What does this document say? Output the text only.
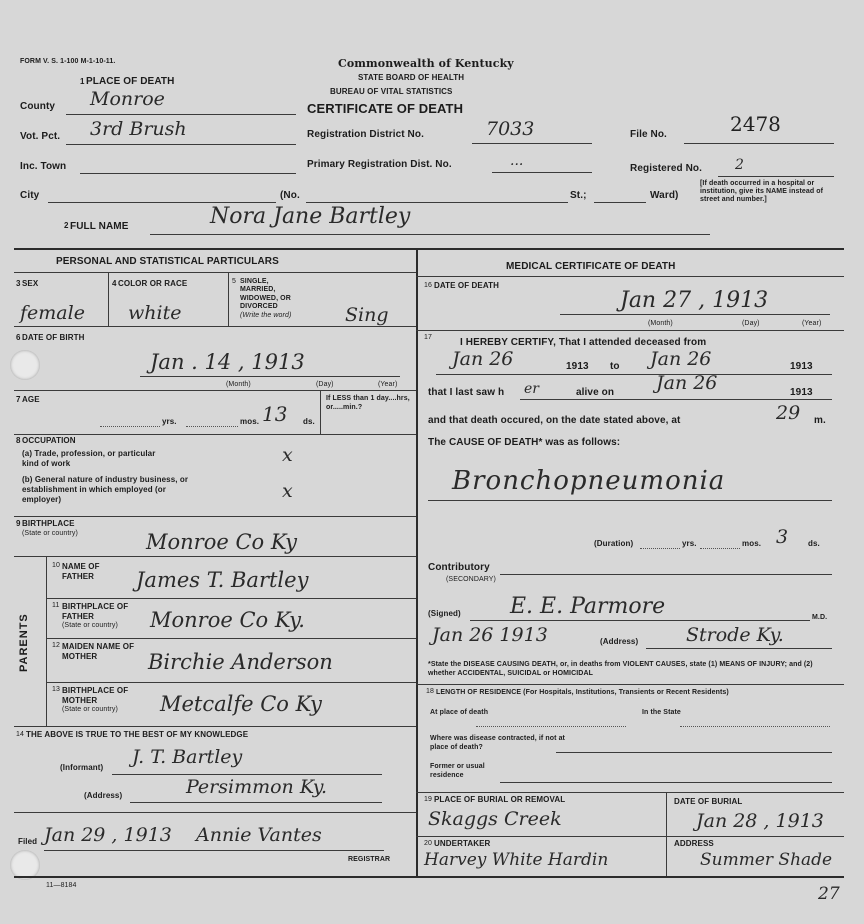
FORM V. S. 1-100 M-1-10-11.	Commonwealth of Kentucky
STATE BOARD OF HEALTH
BUREAU OF VITAL STATISTICS
CERTIFICATE OF DEATH
1 PLACE OF DEATH
County Monroe
Vot. Pct. 3rd Brush
Inc. Town
City	(No.	St.;	Ward)
Registration District No.	7033
Primary Registration Dist. No.	...
File No.	2478
Registered No. 2
[If death occurred in a hospital or institution, give its NAME instead of street and number.]
2 FULL NAME	Nora Jane Bartley
PERSONAL AND STATISTICAL PARTICULARS
3 SEX
female
4 COLOR OR RACE
white
5 SINGLE, MARRIED, WIDOWED, OR DIVORCED
(Write the word)	Sing
6 DATE OF BIRTH
Jan . 14 , 1913
(Month)	(Day)	(Year)
7 AGE
yrs.	mos. 13 ds.
If LESS than 1 day....hrs, or.....min.?
8 OCCUPATION
(a) Trade, profession, or particular kind of work	x
(b) General nature of industry business, or establishment in which employed (or employer)	x
9 BIRTHPLACE
(State or country)	Monroe Co Ky
PARENTS
10 NAME OF FATHER	James T. Bartley
11 BIRTHPLACE OF FATHER
(State or country) Monroe Co Ky.
12 MAIDEN NAME OF MOTHER	Birchie Anderson
13 BIRTHPLACE OF MOTHER
(State or country) Metcalfe Co Ky
14 THE ABOVE IS TRUE TO THE BEST OF MY KNOWLEDGE
(Informant) J. T. Bartley
(Address)	Persimmon Ky.
Filed Jan 29 , 1913 Annie Vantes
REGISTRAR
11—8184
MEDICAL CERTIFICATE OF DEATH
16 DATE OF DEATH
Jan 27 , 1913
(Month)	(Day)	(Year)
17	I HEREBY CERTIFY, That I attended deceased from
Jan 26	1913 to Jan 26	1913
that I last saw h er	alive on Jan 26	1913
and that death occured, on the date stated above, at	29 m.
The CAUSE OF DEATH* was as follows:
Bronchopneumonia
(Duration)	yrs.	mos. 3 ds.
Contributory
(SECONDARY)
(Signed) E. E. Parmore	M.D.
Jan 26 1913	(Address)	Strode Ky.
*State the DISEASE CAUSING DEATH, or, in deaths from VIOLENT CAUSES, state (1) MEANS OF INJURY; and (2) whether ACCIDENTAL, SUICIDAL or HOMICIDAL
18 LENGTH OF RESIDENCE (For Hospitals, Institutions, Transients or Recent Residents)
At place of death	In the State
Where was disease contracted, if not at place of death?
Former or usual residence
19 PLACE OF BURIAL OR REMOVAL
Skaggs Creek
DATE OF BURIAL
Jan 28 , 1913
20 UNDERTAKER
Harvey White Hardin
ADDRESS
Summer Shade
27
